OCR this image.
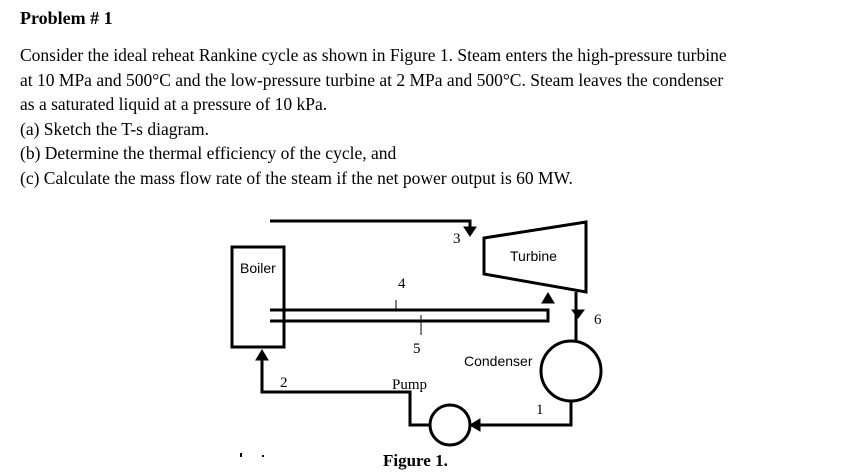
Problem # 1
Consider the ideal reheat Rankine cycle as shown in Figure 1. Steam enters the high-pressure turbine
at 10 MPa and 500°C and the low-pressure turbine at 2 MPa and 500°C. Steam leaves the condenser
as a saturated liquid at a pressure of 10 kPa.
(a) Sketch the T-s diagram.
(b) Determine the thermal efficiency of the cycle, and
(c) Calculate the mass flow rate of the steam if the net power output is 60 MW.
Boiler
Turbine
Condenser
Pump
3
4
5
2
1
6
Figure 1.
